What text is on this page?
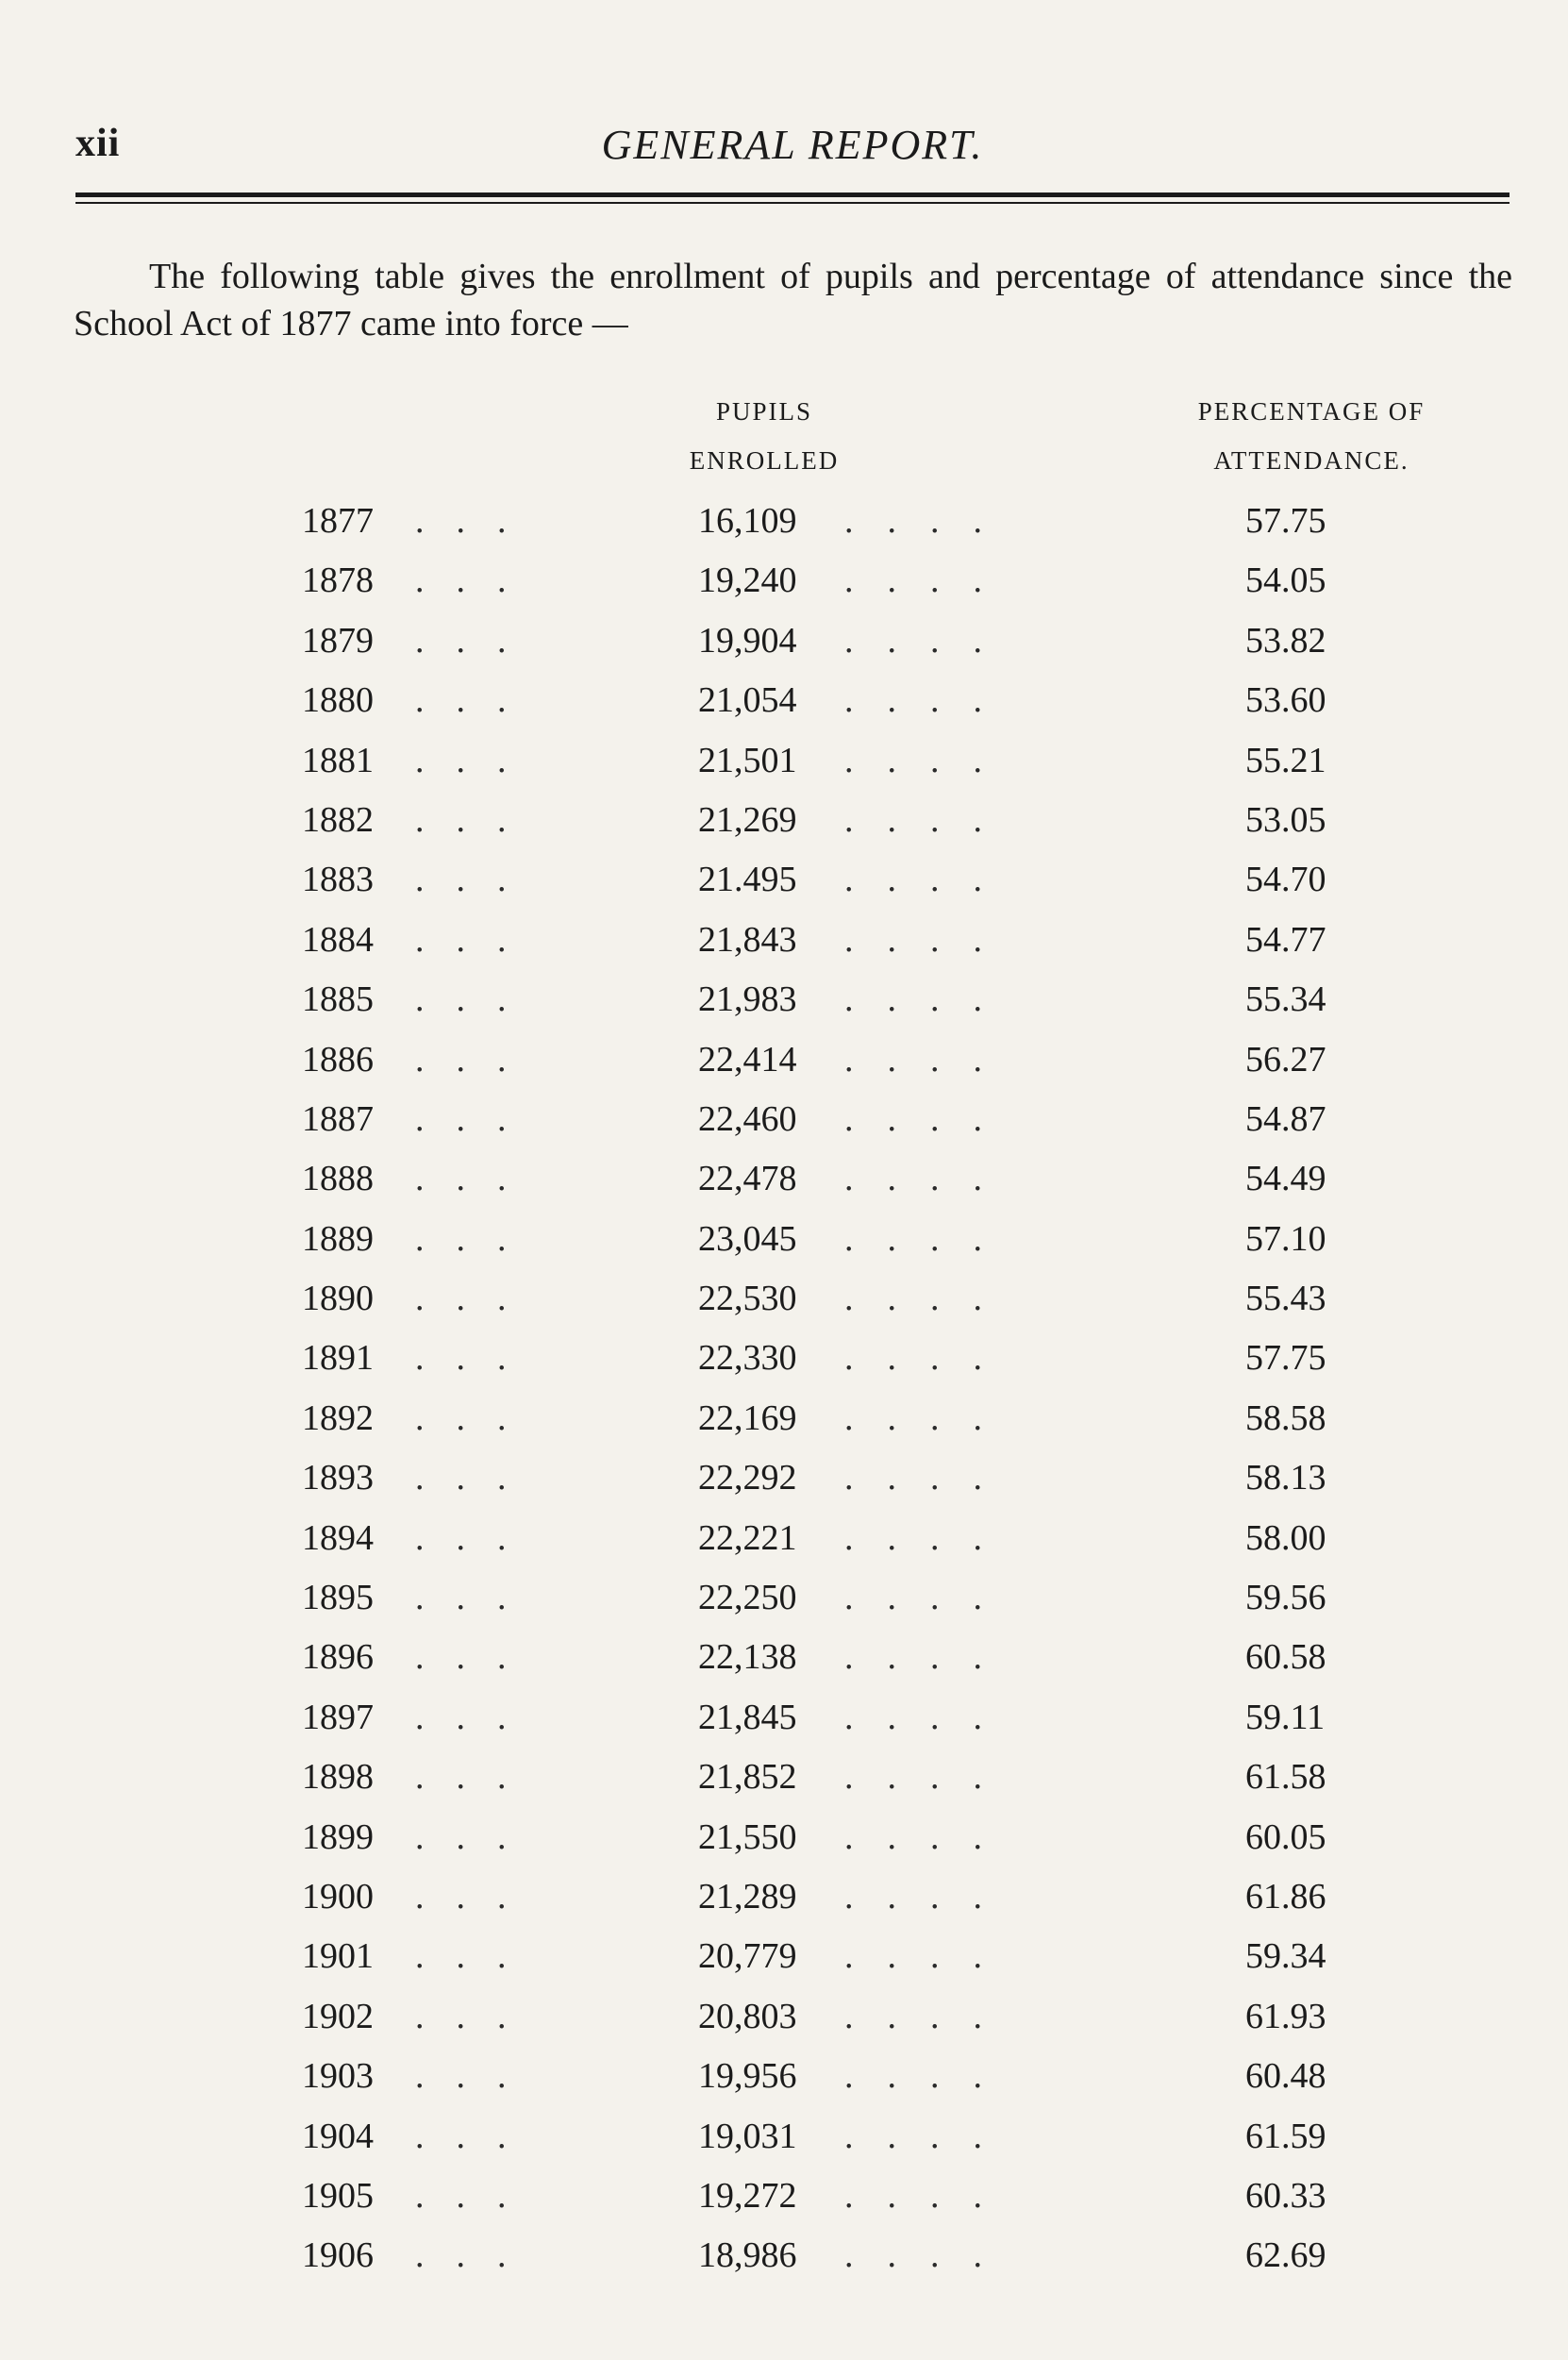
xii	GENERAL REPORT.

The following table gives the enrollment of pupils and percentage of attendance since the School Act of 1877 came into force —

PUPILS
ENROLLED
PERCENTAGE OF
ATTENDANCE.
1877	...	16,109	....	57.75
1878	...	19,240	....	54.05
1879	...	19,904	....	53.82
1880	...	21,054	....	53.60
1881	...	21,501	....	55.21
1882	...	21,269	....	53.05
1883	...	21.495	....	54.70
1884	...	21,843	....	54.77
1885	...	21,983	....	55.34
1886	...	22,414	....	56.27
1887	...	22,460	....	54.87
1888	...	22,478	....	54.49
1889	...	23,045	....	57.10
1890	...	22,530	....	55.43
1891	...	22,330	....	57.75
1892	...	22,169	....	58.58
1893	...	22,292	....	58.13
1894	...	22,221	....	58.00
1895	...	22,250	....	59.56
1896	...	22,138	....	60.58
1897	...	21,845	....	59.11
1898	...	21,852	....	61.58
1899	...	21,550	....	60.05
1900	...	21,289	....	61.86
1901	...	20,779	....	59.34
1902	...	20,803	....	61.93
1903	...	19,956	....	60.48
1904	...	19,031	....	61.59
1905	...	19,272	....	60.33
1906	...	18,986	....	62.69
